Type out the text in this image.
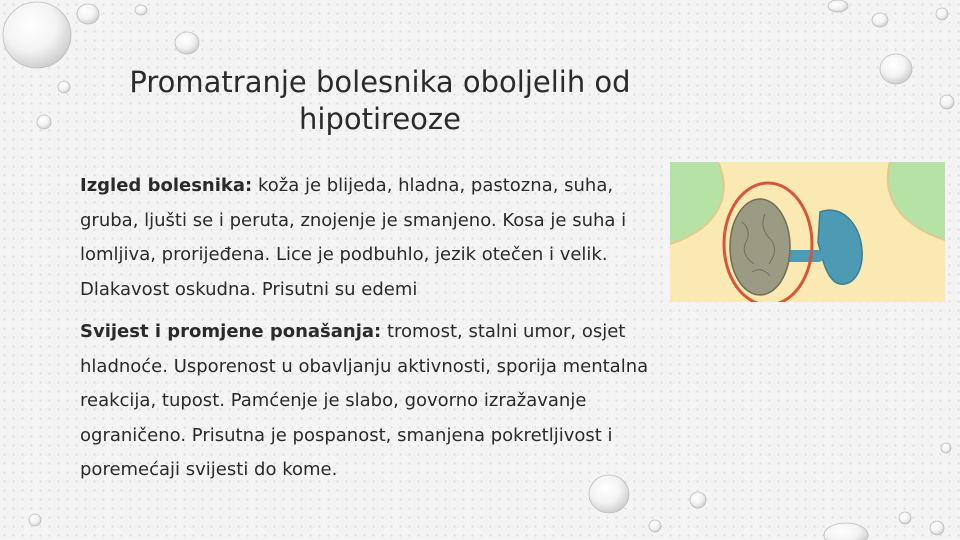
Promatranje bolesnika oboljelih od
hipotireoze
Izgled bolesnika: koža je blijeda, hladna, pastozna, suha, gruba, ljušti se i peruta, znojenje je smanjeno. Kosa je suha i lomljiva, prorijeđena. Lice je podbuhlo, jezik otečen i velik. Dlakavost oskudna. Prisutni su edemi
Svijest i promjene ponašanja: tromost, stalni umor, osjet hladnoće. Usporenost u obavljanju aktivnosti, sporija mentalna reakcija, tupost. Pamćenje je slabo, govorno izražavanje ograničeno. Prisutna je pospanost, smanjena pokretljivost i poremećaji svijesti do kome.
